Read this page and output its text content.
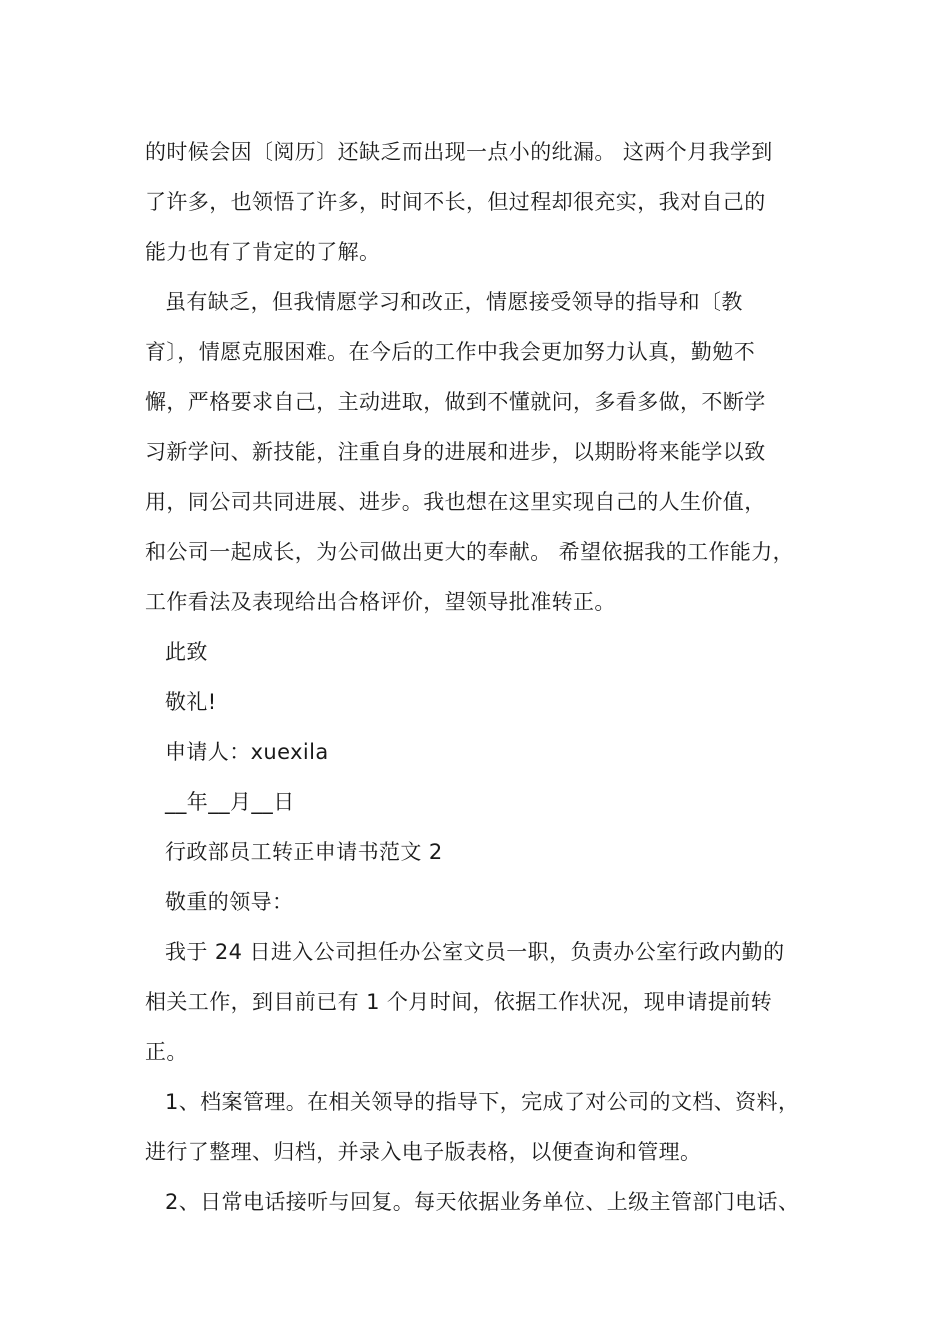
的时候会因〔阅历〕还缺乏而出现一点小的纰漏。 这两个月我学到

了许多，也领悟了许多，时间不长，但过程却很充实，我对自己的

能力也有了肯定的了解。

虽有缺乏，但我情愿学习和改正，情愿接受领导的指导和〔教

育〕，情愿克服困难。在今后的工作中我会更加努力认真，勤勉不

懈，严格要求自己，主动进取，做到不懂就问，多看多做，不断学

习新学问、新技能，注重自身的进展和进步，以期盼将来能学以致

用，同公司共同进展、进步。我也想在这里实现自己的人生价值，

和公司一起成长，为公司做出更大的奉献。 希望依据我的工作能力，

工作看法及表现给出合格评价，望领导批准转正。

此致

敬礼!

申请人：xuexila

__年__月__日

行政部员工转正申请书范文 2

敬重的领导：

我于 24 日进入公司担任办公室文员一职，负责办公室行政内勤的

相关工作，到目前已有 1 个月时间，依据工作状况，现申请提前转

正。

1、档案管理。在相关领导的指导下，完成了对公司的文档、资料，

进行了整理、归档，并录入电子版表格，以便查询和管理。

2、日常电话接听与回复。每天依据业务单位、上级主管部门电话、
